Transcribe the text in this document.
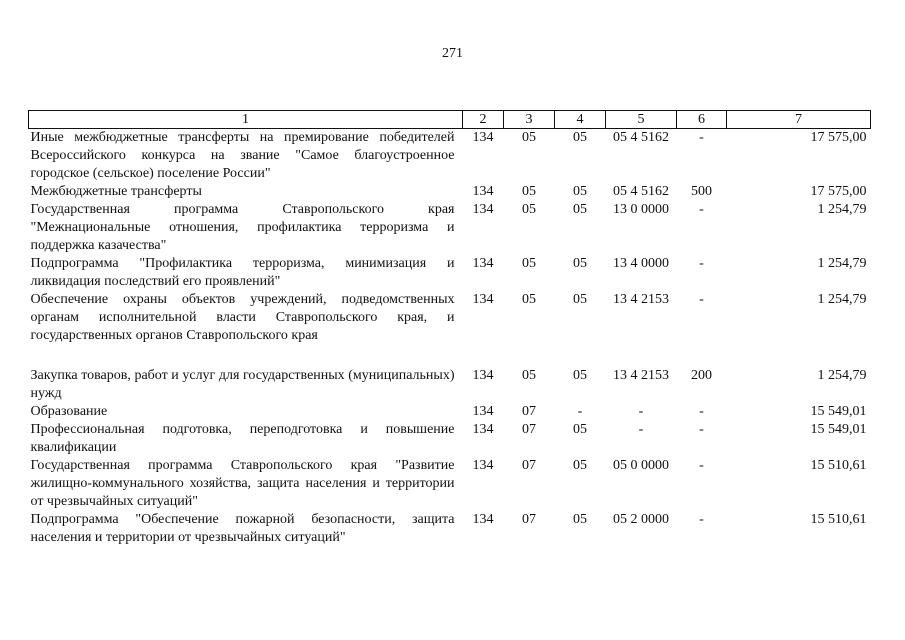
271
1	2	3	4	5	6	7
Иные межбюджетные трансферты на премирование победителей Всероссийского конкурса на звание "Самое благоустроенное городское (сельское) поселение России"	134	05	05	05 4 5162	-	17 575,00
Межбюджетные трансферты	134	05	05	05 4 5162	500	17 575,00
Государственная программа Ставропольского края "Межнациональные отношения, профилактика терроризма и поддержка казачества"	134	05	05	13 0 0000	-	1 254,79
Подпрограмма "Профилактика терроризма, минимизация и ликвидация последствий его проявлений"	134	05	05	13 4 0000	-	1 254,79
Обеспечение охраны объектов учреждений, подведомственных органам исполнительной власти Ставропольского края, и государственных органов Ставропольского края	134	05	05	13 4 2153	-	1 254,79
Закупка товаров, работ и услуг для государственных (муниципальных) нужд	134	05	05	13 4 2153	200	1 254,79
Образование	134	07	-	-	-	15 549,01
Профессиональная подготовка, переподготовка и повышение квалификации	134	07	05	-	-	15 549,01
Государственная программа Ставропольского края "Развитие жилищно-коммунального хозяйства, защита населения и территории от чрезвычайных ситуаций"	134	07	05	05 0 0000	-	15 510,61
Подпрограмма "Обеспечение пожарной безопасности, защита населения и территории от чрезвычайных ситуаций"	134	07	05	05 2 0000	-	15 510,61
